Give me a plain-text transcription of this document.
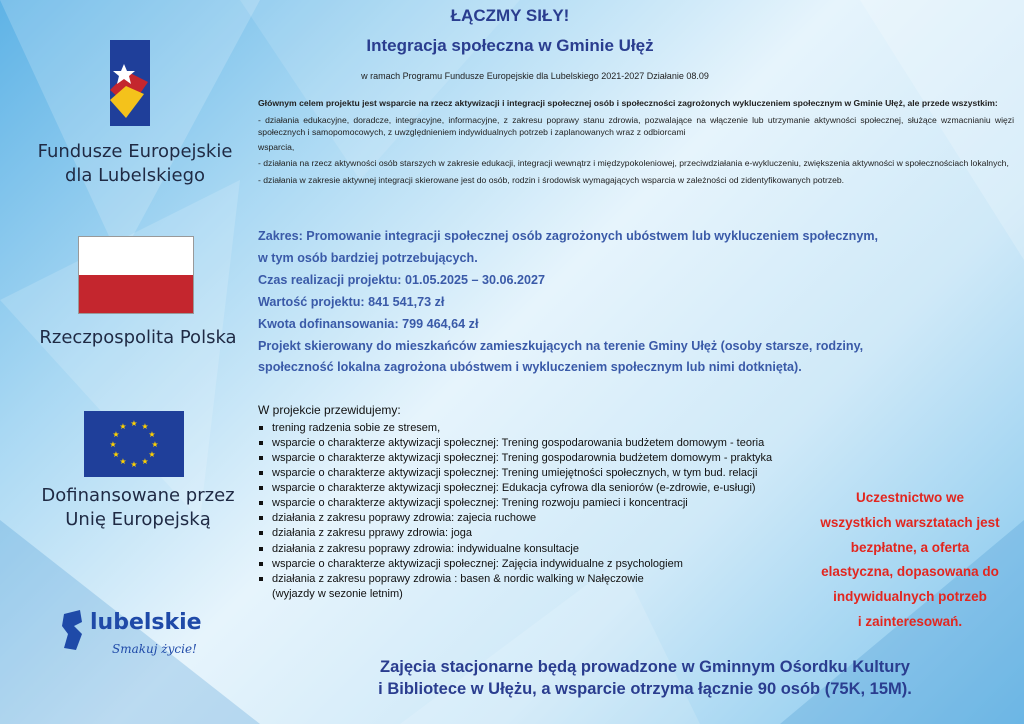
Fundusze Europejskie
dla Lubelskiego
Rzeczpospolita Polska
★ ★
★
★
★
★
★
★
★
★
★
★
Dofinansowane przez
Unię Europejską
lubelskie
Smakuj życie!
ŁĄCZMY SIŁY!
Integracja społeczna w Gminie Ułęż
w ramach Programu Fundusze Europejskie dla Lubelskiego 2021-2027 Działanie 08.09

Głównym celem projektu jest wsparcie na rzecz aktywizacji i integracji społecznej osób i społeczności zagrożonych wykluczeniem społecznym w Gminie Ułęż, ale przede wszystkim:

- działania edukacyjne, doradcze, integracyjne, informacyjne, z zakresu poprawy stanu zdrowia, pozwalające na włączenie lub utrzymanie aktywności społecznej, służące wzmacnianiu więzi społecznych i samopomocowych, z uwzględnieniem indywidualnych potrzeb i zaplanowanych wraz z odbiorcami

wsparcia,

- działania na rzecz aktywności osób starszych w zakresie edukacji, integracji wewnątrz i międzypokoleniowej, przeciwdziałania e-wykluczeniu, zwiększenia aktywności w społecznościach lokalnych,

- działania w zakresie aktywnej integracji skierowane jest do osób, rodzin i środowisk wymagających wsparcia w zależności od zidentyfikowanych potrzeb.

Zakres: Promowanie integracji społecznej osób zagrożonych ubóstwem lub wykluczeniem społecznym,
w tym osób bardziej potrzebujących.
Czas realizacji projektu: 01.05.2025 – 30.06.2027
Wartość projektu: 841 541,73 zł
Kwota dofinansowania: 799 464,64 zł
Projekt skierowany do mieszkańców zamieszkujących na terenie Gminy Ułęż (osoby starsze, rodziny,
społeczność lokalna zagrożona ubóstwem i wykluczeniem społecznym lub nimi dotknięta).
W projekcie przewidujemy:
trening radzenia sobie ze stresem,
wsparcie o charakterze aktywizacji społecznej: Trening gospodarowania budżetem domowym - teoria
wsparcie o charakterze aktywizacji społecznej: Trening gospodarownia budżetem domowym - praktyka
wsparcie o charakterze aktywizacji społecznej: Trening umiejętności społecznych, w tym bud. relacji
wsparcie o charakterze aktywizacji społecznej: Edukacja cyfrowa dla seniorów (e-zdrowie, e-usługi)
wsparcie o charakterze aktywizacji społecznej: Trening rozwoju pamieci i koncentracji
działania z zakresu poprawy zdrowia: zajecia ruchowe
działania z zakresu pprawy zdrowia: joga
działania z zakresu poprawy zdrowia: indywidualne konsultacje
wsparcie o charakterze aktywizacji społecznej: Zajęcia indywidualne z psychologiem
działania z zakresu poprawy zdrowia : basen & nordic walking w Nałęczowie
(wyjazdy w sezonie letnim)
Uczestnictwo we
wszystkich warsztatach jest
bezpłatne, a oferta
elastyczna, dopasowana do
indywidualnych potrzeb
i zainteresowań.
Zajęcia stacjonarne będą prowadzone w Gminnym Ośordku Kultury
i Bibliotece w Ułężu, a wsparcie otrzyma łącznie 90 osób (75K, 15M).
